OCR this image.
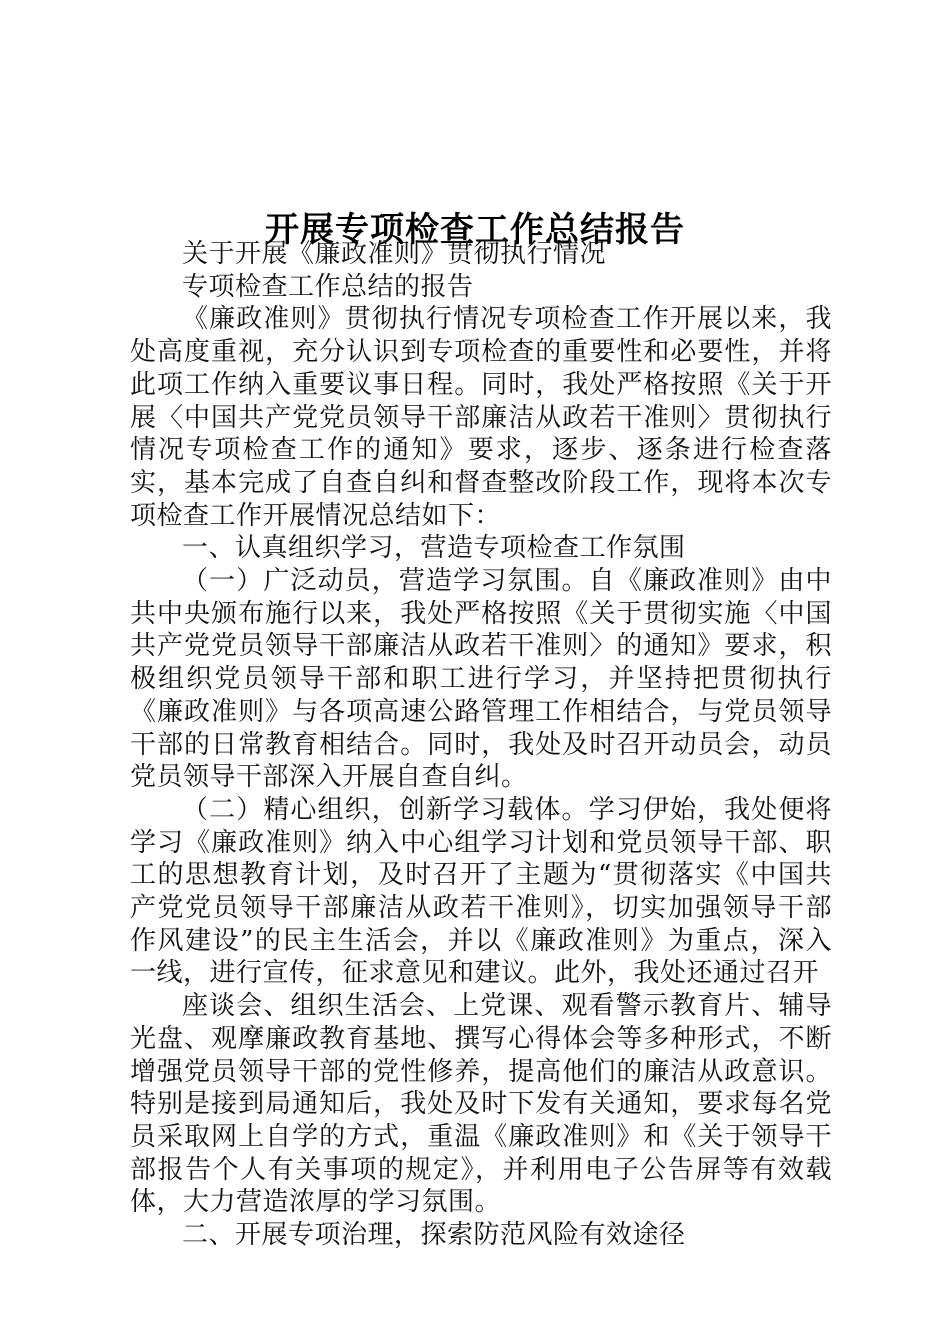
开展专项检查工作总结报告

关于开展《廉政准则》贯彻执行情况

专项检查工作总结的报告

《廉政准则》贯彻执行情况专项检查工作开展以来，我处高度重视，充分认识到专项检查的重要性和必要性，并将此项工作纳入重要议事日程。同时，我处严格按照《关于开展〈中国共产党党员领导干部廉洁从政若干准则〉贯彻执行情况专项检查工作的通知》要求，逐步、逐条进行检查落实，基本完成了自查自纠和督查整改阶段工作，现将本次专项检查工作开展情况总结如下：

一、认真组织学习，营造专项检查工作氛围

（一）广泛动员，营造学习氛围。自《廉政准则》由中共中央颁布施行以来，我处严格按照《关于贯彻实施〈中国共产党党员领导干部廉洁从政若干准则〉的通知》要求，积极组织党员领导干部和职工进行学习，并坚持把贯彻执行《廉政准则》与各项高速公路管理工作相结合，与党员领导干部的日常教育相结合。同时，我处及时召开动员会，动员党员领导干部深入开展自查自纠。

（二）精心组织，创新学习载体。学习伊始，我处便将学习《廉政准则》纳入中心组学习计划和党员领导干部、职工的思想教育计划，及时召开了主题为“贯彻落实《中国共产党党员领导干部廉洁从政若干准则》，切实加强领导干部作风建设”的民主生活会，并以《廉政准则》为重点，深入一线，进行宣传，征求意见和建议。此外，我处还通过召开

座谈会、组织生活会、上党课、观看警示教育片、辅导光盘、观摩廉政教育基地、撰写心得体会等多种形式，不断增强党员领导干部的党性修养，提高他们的廉洁从政意识。特别是接到局通知后，我处及时下发有关通知，要求每名党员采取网上自学的方式，重温《廉政准则》和《关于领导干部报告个人有关事项的规定》，并利用电子公告屏等有效载体，大力营造浓厚的学习氛围。

二、开展专项治理，探索防范风险有效途径
